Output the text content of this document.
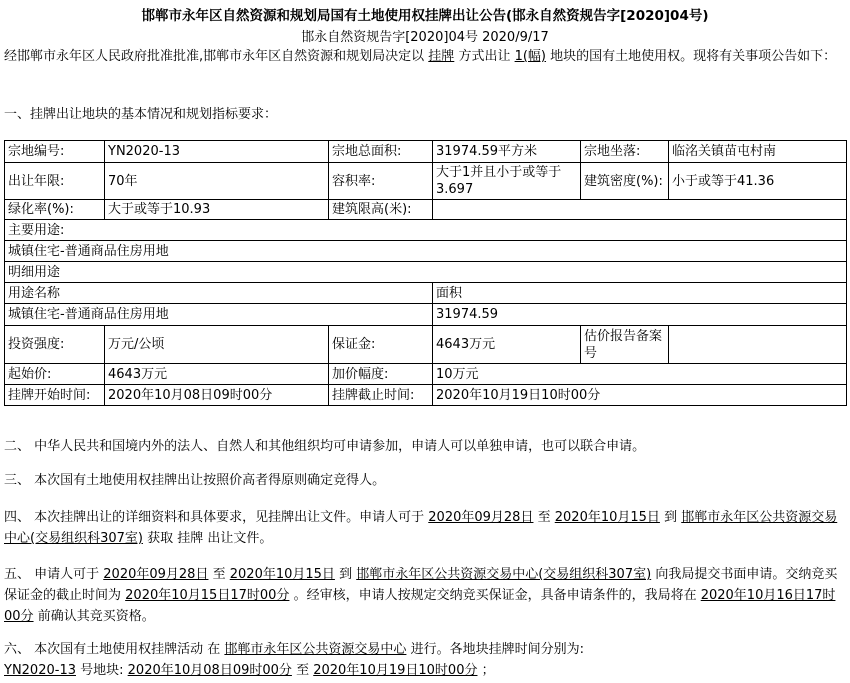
邯郸市永年区自然资源和规划局国有土地使用权挂牌出让公告(邯永自然资规告字[2020]04号)
邯永自然资规告字[2020]04号 2020/9/17
经邯郸市永年区人民政府批准批准,邯郸市永年区自然资源和规划局决定以 挂牌 方式出让 1(幅) 地块的国有土地使用权。现将有关事项公告如下：
一、挂牌出让地块的基本情况和规划指标要求：
宗地编号:	YN2020-13	宗地总面积:	31974.59平方米	宗地坐落:	临洺关镇苗屯村南
出让年限:	70年	容积率:	大于1并且小于或等于3.697	建筑密度(%):	小于或等于41.36
绿化率(%):	大于或等于10.93	建筑限高(米):			
主要用途:					
城镇住宅-普通商品住房用地					
明细用途					
用途名称			面积		
城镇住宅-普通商品住房用地			31974.59		
投资强度:	万元/公顷	保证金:	4643万元	估价报告备案号	
起始价:	4643万元	加价幅度:	10万元		
挂牌开始时间:	2020年10月08日09时00分	挂牌截止时间:	2020年10月19日10时00分		
二、 中华人民共和国境内外的法人、自然人和其他组织均可申请参加，申请人可以单独申请，也可以联合申请。
三、 本次国有土地使用权挂牌出让按照价高者得原则确定竞得人。
四、 本次挂牌出让的详细资料和具体要求，见挂牌出让文件。申请人可于 2020年09月28日 至 2020年10月15日 到 邯郸市永年区公共资源交易中心(交易组织科307室) 获取 挂牌 出让文件。
五、 申请人可于 2020年09月28日 至 2020年10月15日 到 邯郸市永年区公共资源交易中心(交易组织科307室) 向我局提交书面申请。交纳竞买保证金的截止时间为 2020年10月15日17时00分 。经审核，申请人按规定交纳竞买保证金，具备申请条件的，我局将在 2020年10月16日17时00分 前确认其竞买资格。
六、 本次国有土地使用权挂牌活动 在 邯郸市永年区公共资源交易中心 进行。各地块挂牌时间分别为:
YN2020-13 号地块: 2020年10月08日09时00分 至 2020年10月19日10时00分 ；
